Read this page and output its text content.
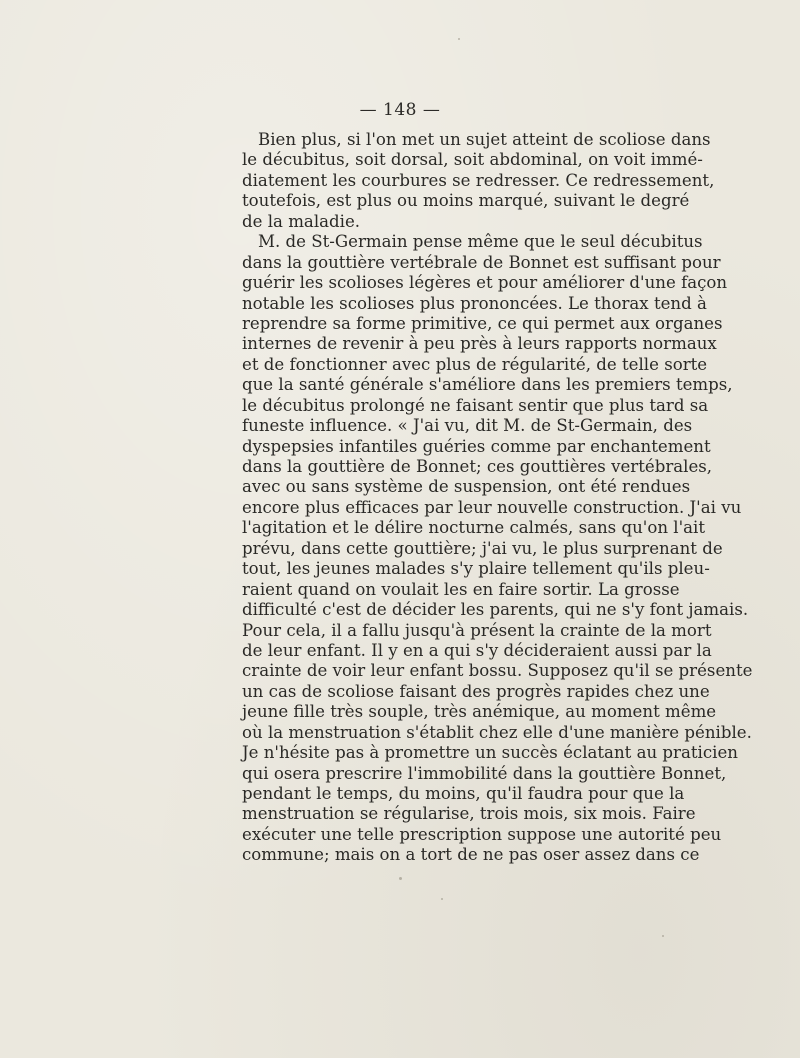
— 148 —
Bien plus, si l'on met un sujet atteint de scoliose dans
le décubitus, soit dorsal, soit abdominal, on voit immé-
diatement les courbures se redresser. Ce redressement,
toutefois, est plus ou moins marqué, suivant le degré
de la maladie.
M. de St-Germain pense même que le seul décubitus
dans la gouttière vertébrale de Bonnet est suffisant pour
guérir les scolioses légères et pour améliorer d'une façon
notable les scolioses plus prononcées. Le thorax tend à
reprendre sa forme primitive, ce qui permet aux organes
internes de revenir à peu près à leurs rapports normaux
et de fonctionner avec plus de régularité, de telle sorte
que la santé générale s'améliore dans les premiers temps,
le décubitus prolongé ne faisant sentir que plus tard sa
funeste influence. « J'ai vu, dit M. de St-Germain, des
dyspepsies infantiles guéries comme par enchantement
dans la gouttière de Bonnet; ces gouttières vertébrales,
avec ou sans système de suspension, ont été rendues
encore plus efficaces par leur nouvelle construction. J'ai vu
l'agitation et le délire nocturne calmés, sans qu'on l'ait
prévu, dans cette gouttière; j'ai vu, le plus surprenant de
tout, les jeunes malades s'y plaire tellement qu'ils pleu-
raient quand on voulait les en faire sortir. La grosse
difficulté c'est de décider les parents, qui ne s'y font jamais.
Pour cela, il a fallu jusqu'à présent la crainte de la mort
de leur enfant. Il y en a qui s'y décideraient aussi par la
crainte de voir leur enfant bossu. Supposez qu'il se présente
un cas de scoliose faisant des progrès rapides chez une
jeune fille très souple, très anémique, au moment même
où la menstruation s'établit chez elle d'une manière pénible.
Je n'hésite pas à promettre un succès éclatant au praticien
qui osera prescrire l'immobilité dans la gouttière Bonnet,
pendant le temps, du moins, qu'il faudra pour que la
menstruation se régularise, trois mois, six mois. Faire
exécuter une telle prescription suppose une autorité peu
commune; mais on a tort de ne pas oser assez dans ce
